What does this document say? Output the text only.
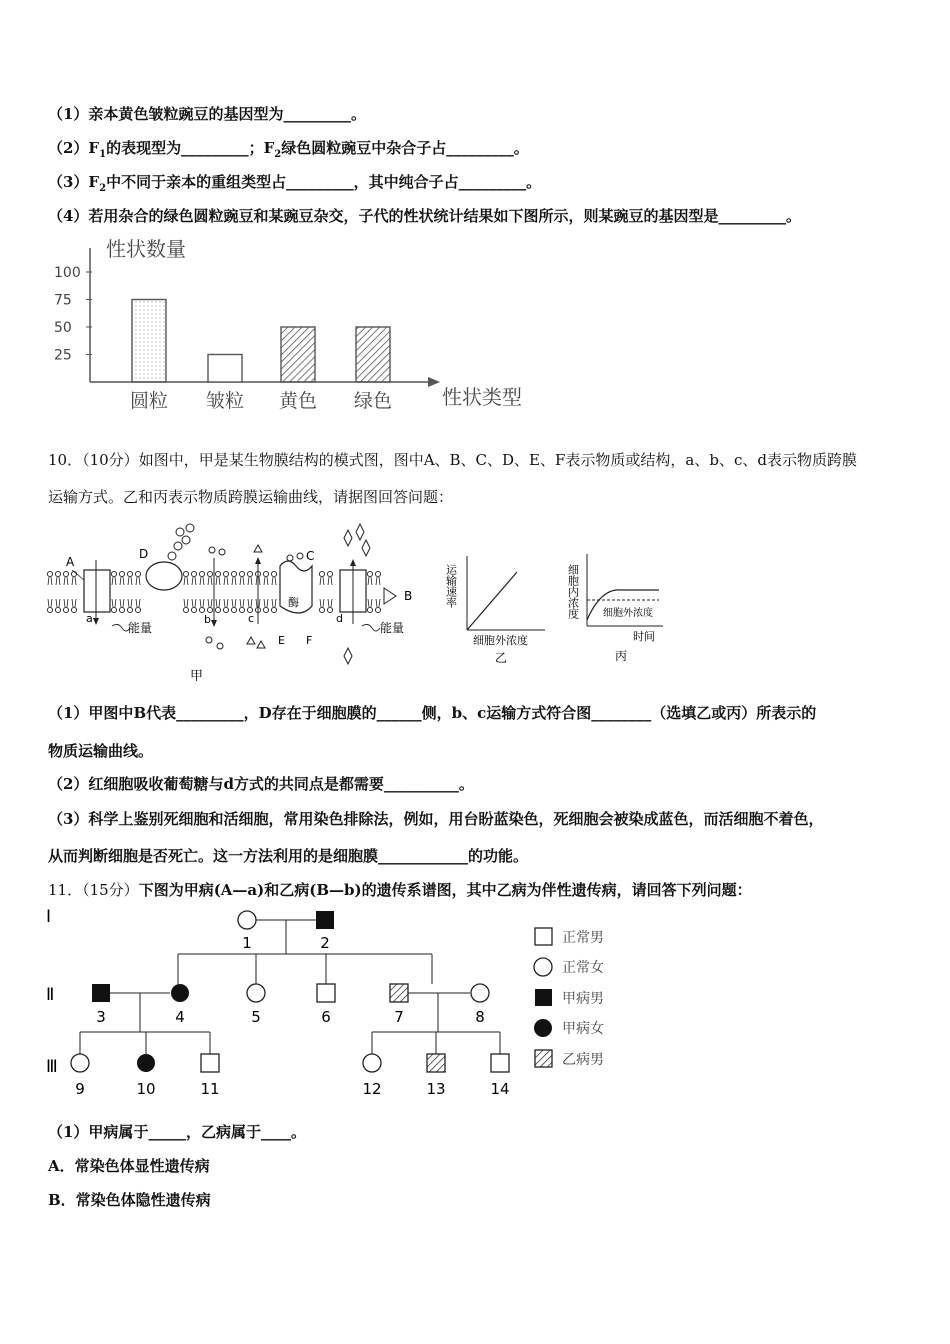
（1）亲本黄色皱粒豌豆的基因型为_________。
$(2)F_1$的表现型为_________；$F_2$绿色圆粒豌豆中杂合子占_________。
$(3)F_2$中不同于亲本的重组类型占_________，其中纯合子占_________。
（4）若用杂合的绿色圆粒豌豆和某豌豆杂交，子代的性状统计结果如下图所示，则某豌豆的基因型是_________。
性状数量
100
75
50
25
圆粒 皱粒 黄色 绿色 性状类型
10．（10分）如图中，甲是某生物膜结构的模式图，图中A、B、C、D、E、F表示物质或结构，a、b、c、d表示物质跨膜
运输方式。乙和丙表示物质跨膜运输曲线，请据图回答问题：
A
a
能量
D
b	c
酶
C
E F
d
能量
B
甲
运输速率
细胞外浓度
乙
细胞内浓度 细胞外浓度
时间
丙
（1）甲图中B代表_________，D存在于细胞膜的______侧，b、c运输方式符合图________（选填乙或丙）所表示的
物质运输曲线。
（2）红细胞吸收葡萄糖与d方式的共同点是都需要__________。
（3）科学上鉴别死细胞和活细胞，常用染色排除法，例如，用台盼蓝染色，死细胞会被染成蓝色，而活细胞不着色，
从而判断细胞是否死亡。这一方法利用的是细胞膜____________的功能。
11．（15分）下图为甲病(A—a)和乙病(B—b)的遗传系谱图，其中乙病为伴性遗传病，请回答下列问题：
Ⅰ
Ⅱ
Ⅲ
1	2
3	4	5	6	7	8
9	10	11	12	13	14
正常男
正常女
甲病男
甲病女
乙病男
（1）甲病属于_____，乙病属于____。
A．常染色体显性遗传病
B．常染色体隐性遗传病
